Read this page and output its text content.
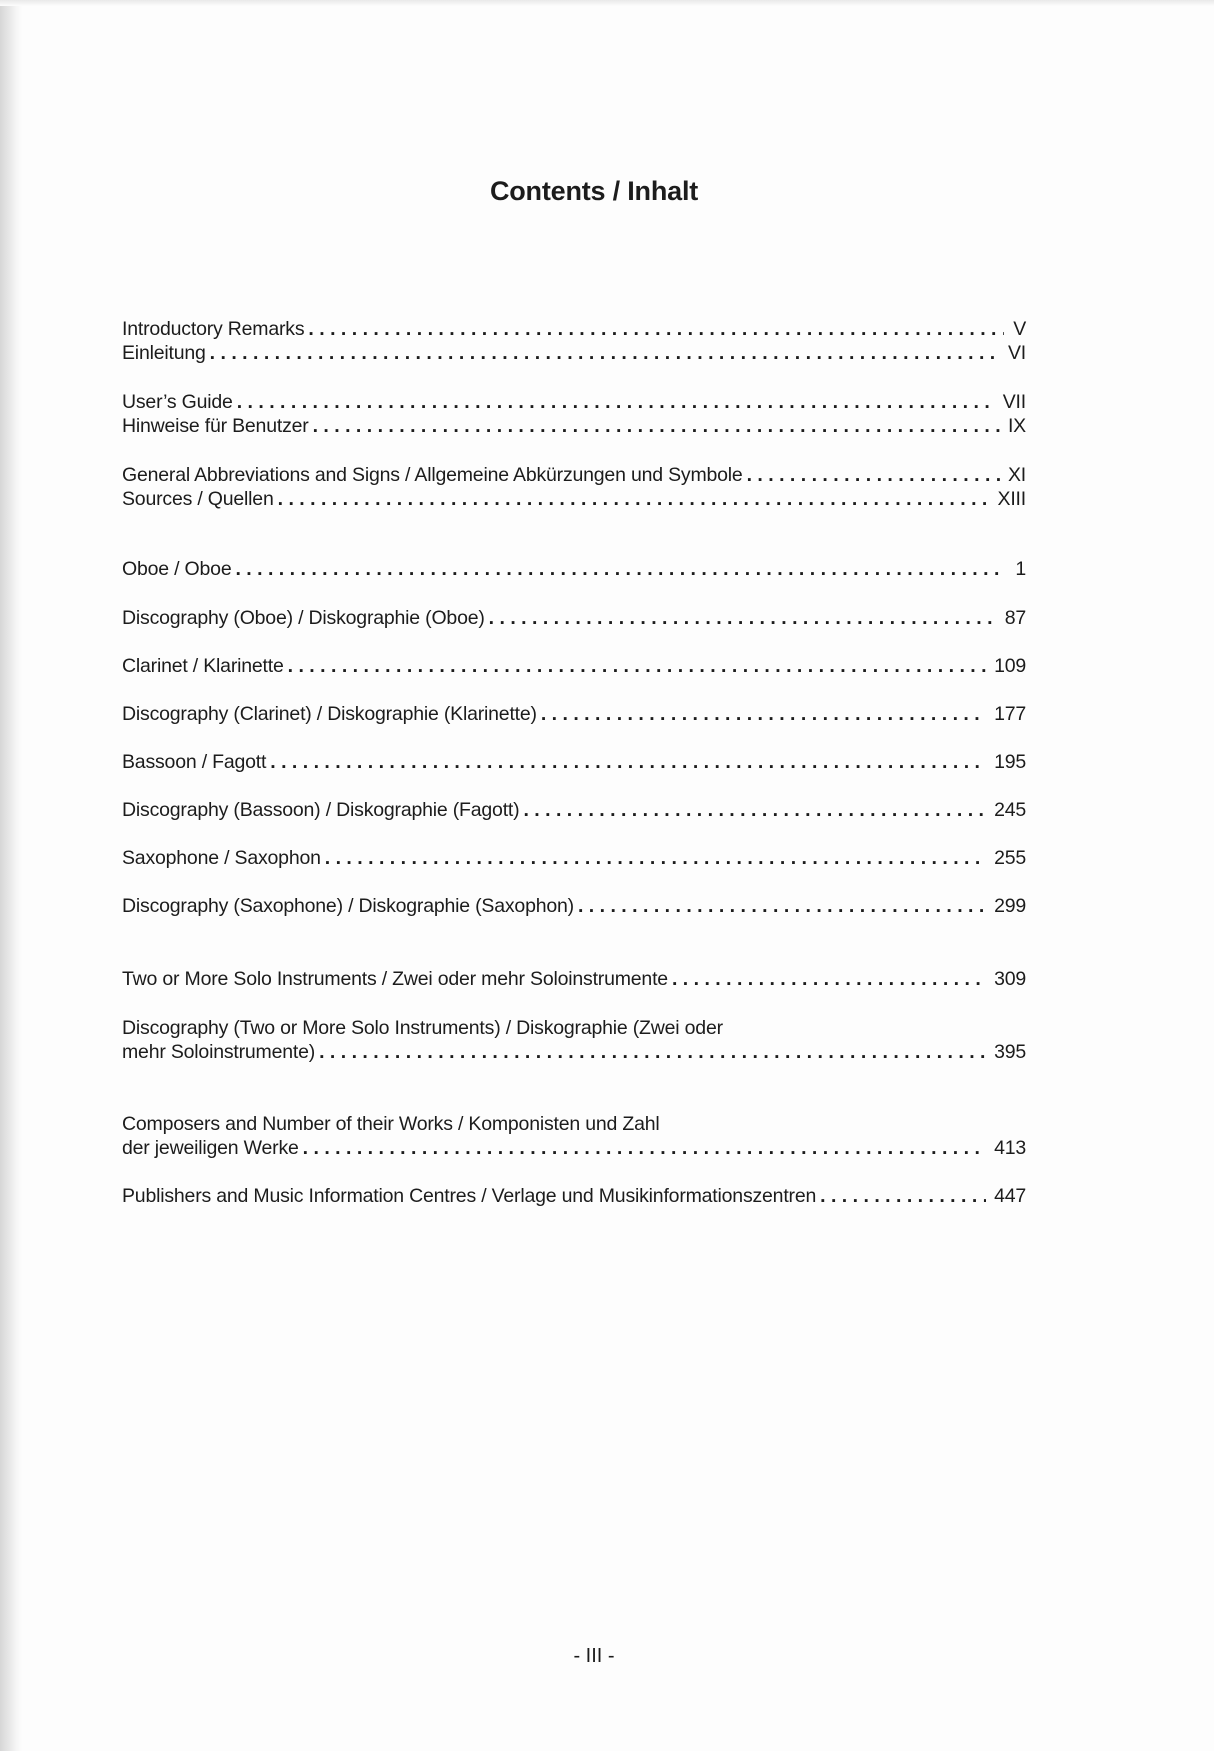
Contents / Inhalt
Introductory Remarks . . .	V
Einleitung . . .	VI
User’s Guide . . .	VII
Hinweise für Benutzer . . .	IX
General Abbreviations and Signs / Allgemeine Abkürzungen und Symbole . . .	XI
Sources / Quellen . . .	XIII
Oboe / Oboe . . .	1
Discography (Oboe) / Diskographie (Oboe) . . .	87
Clarinet / Klarinette . . .	109
Discography (Clarinet) / Diskographie (Klarinette) . . .	177
Bassoon / Fagott . . .	195
Discography (Bassoon) / Diskographie (Fagott) . . .	245
Saxophone / Saxophon . . .	255
Discography (Saxophone) / Diskographie (Saxophon) . . .	299
Two or More Solo Instruments / Zwei oder mehr Soloinstrumente . . .	309
Discography (Two or More Solo Instruments) / Diskographie (Zwei oder
mehr Soloinstrumente) . . .	395
Composers and Number of their Works / Komponisten und Zahl
der jeweiligen Werke . . .	413
Publishers and Music Information Centres / Verlage und Musikinformationszentren . . .	447
- III -
